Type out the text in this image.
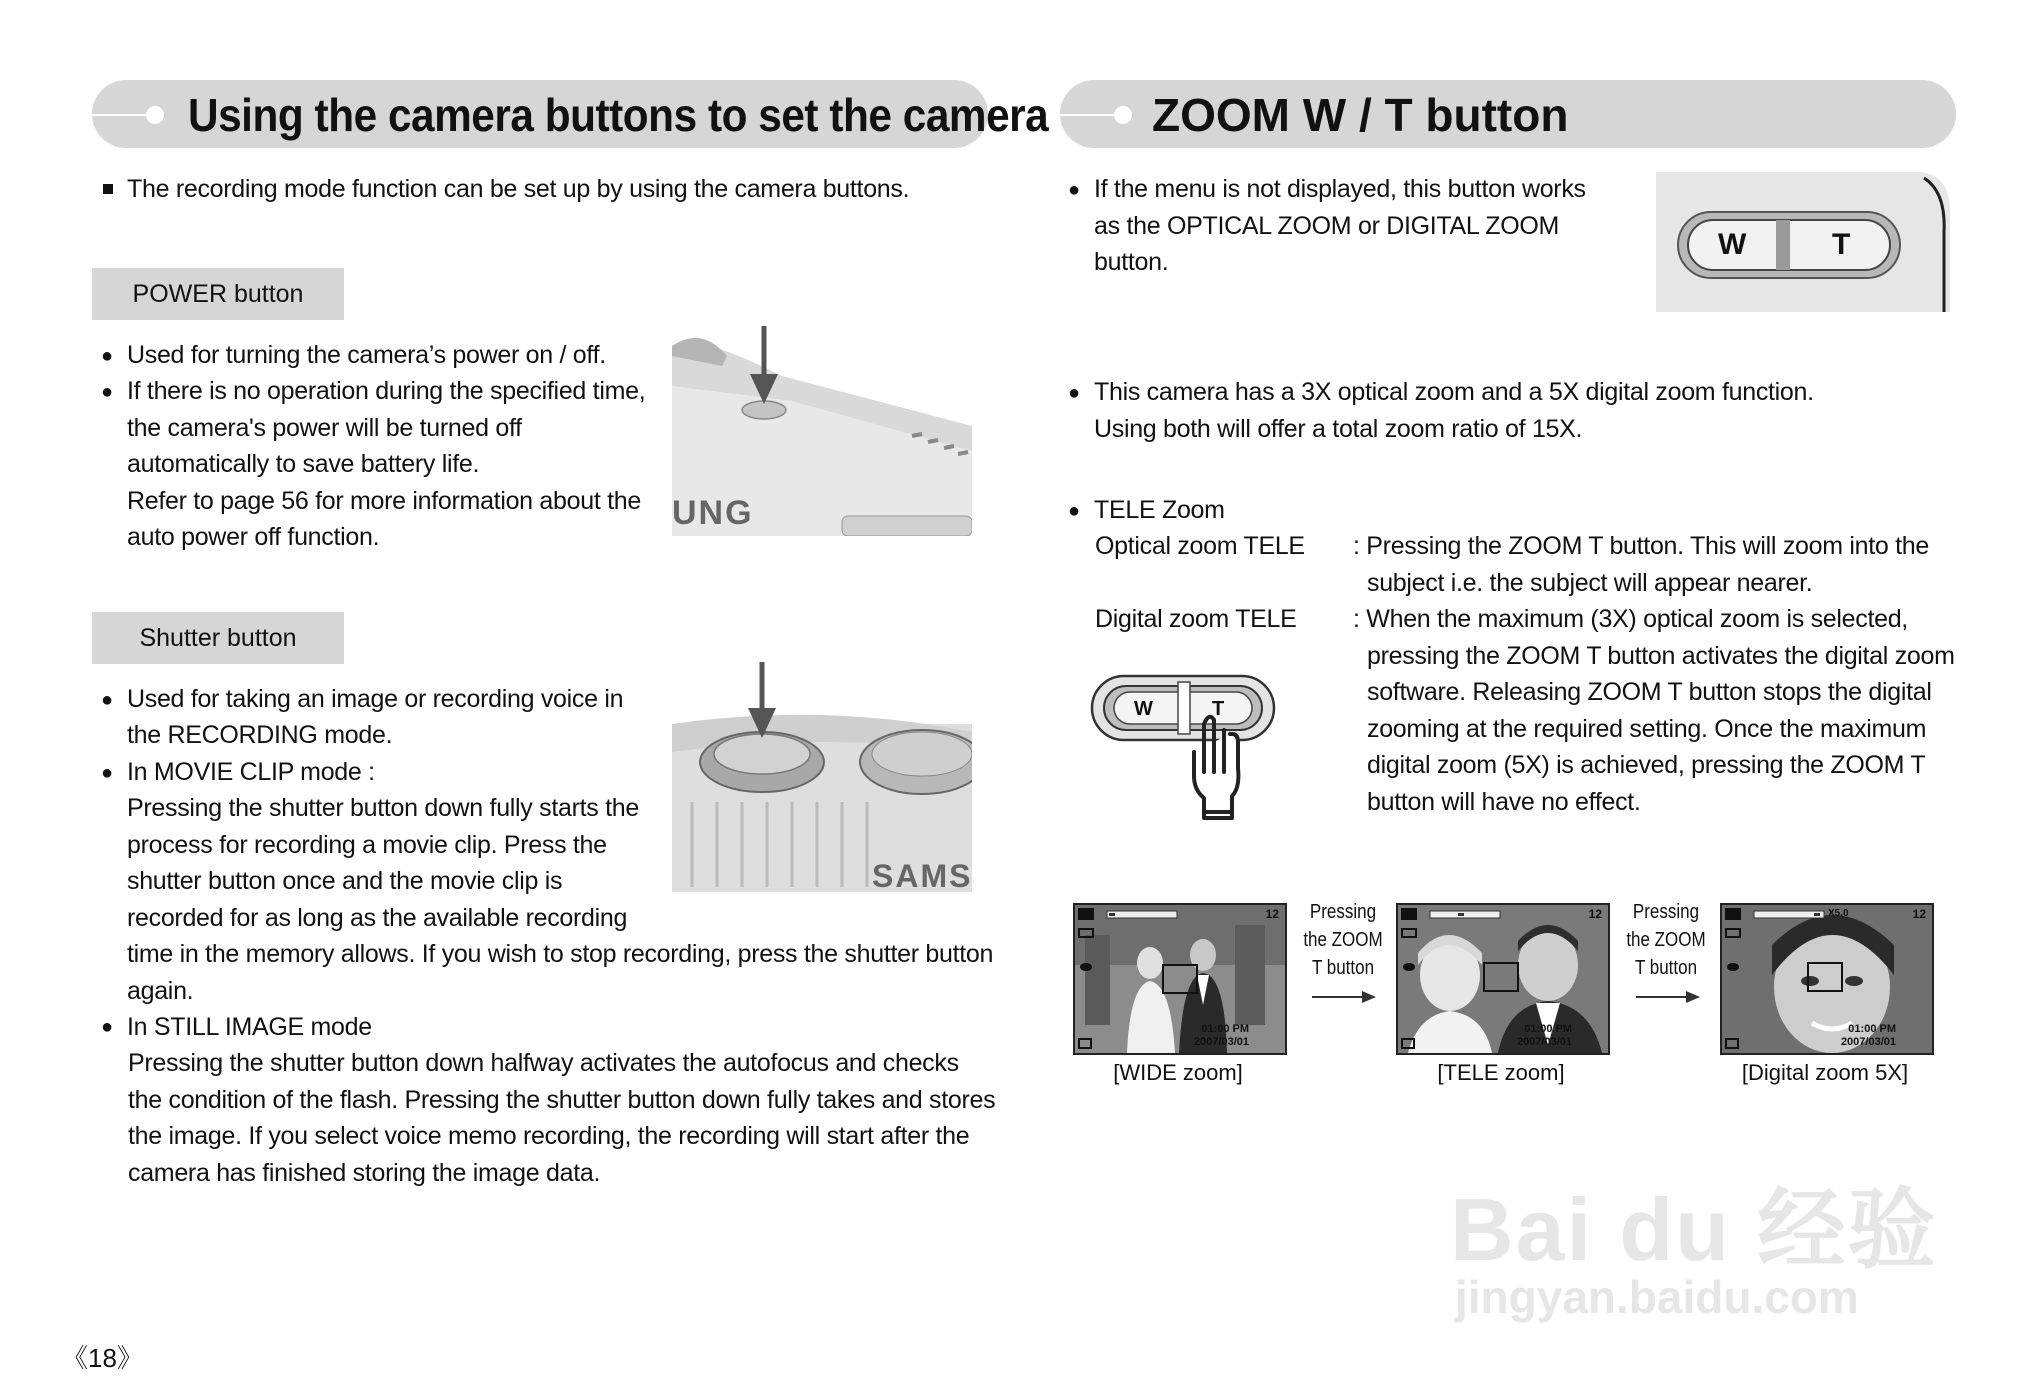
Using the camera buttons to set the camera
The recording mode function can be set up by using the camera buttons.
POWER button
●
●
Used for turning the camera’s power on / off.
If there is no operation during the specified time,
the camera's power will be turned off
automatically to save battery life.
Refer to page 56 for more information about the
auto power off function.
UNG
Shutter button
●
●
●
Used for taking an image or recording voice in
the RECORDING mode.
In MOVIE CLIP mode :
Pressing the shutter button down fully starts the
process for recording a movie clip. Press the
shutter button once and the movie clip is
recorded for as long as the available recording
time in the memory allows. If you wish to stop recording, press the shutter button
again.
In STILL IMAGE mode
Pressing the shutter button down halfway activates the autofocus and checks
the condition of the flash. Pressing the shutter button down fully takes and stores
the image. If you select voice memo recording, the recording will start after the
camera has finished storing the image data.
SAMS
《18》
ZOOM W / T button
● If the menu is not displayed, this button works
as the OPTICAL ZOOM or DIGITAL ZOOM
button.
W	T
● This camera has a 3X optical zoom and a 5X digital zoom function.
Using both will offer a total zoom ratio of 15X.
● TELE Zoom
Optical zoom TELE : Pressing the ZOOM T button. This will zoom into the
subject i.e. the subject will appear nearer.
Digital zoom TELE : When the maximum (3X) optical zoom is selected,
pressing the ZOOM T button activates the digital zoom
software. Releasing ZOOM T button stops the digital
zooming at the required setting. Once the maximum
digital zoom (5X) is achieved, pressing the ZOOM T
button will have no effect.
W	T
12
01:00 PM
2007/03/01
[WIDE zoom]
Pressing
the ZOOM
T button
12
01:00 PM
2007/03/01
[TELE zoom]
Pressing
the ZOOM
T button
X5.0	12
01:00 PM
2007/03/01
[Digital zoom 5X]
Bai du 经验
jingyan.baidu.com
